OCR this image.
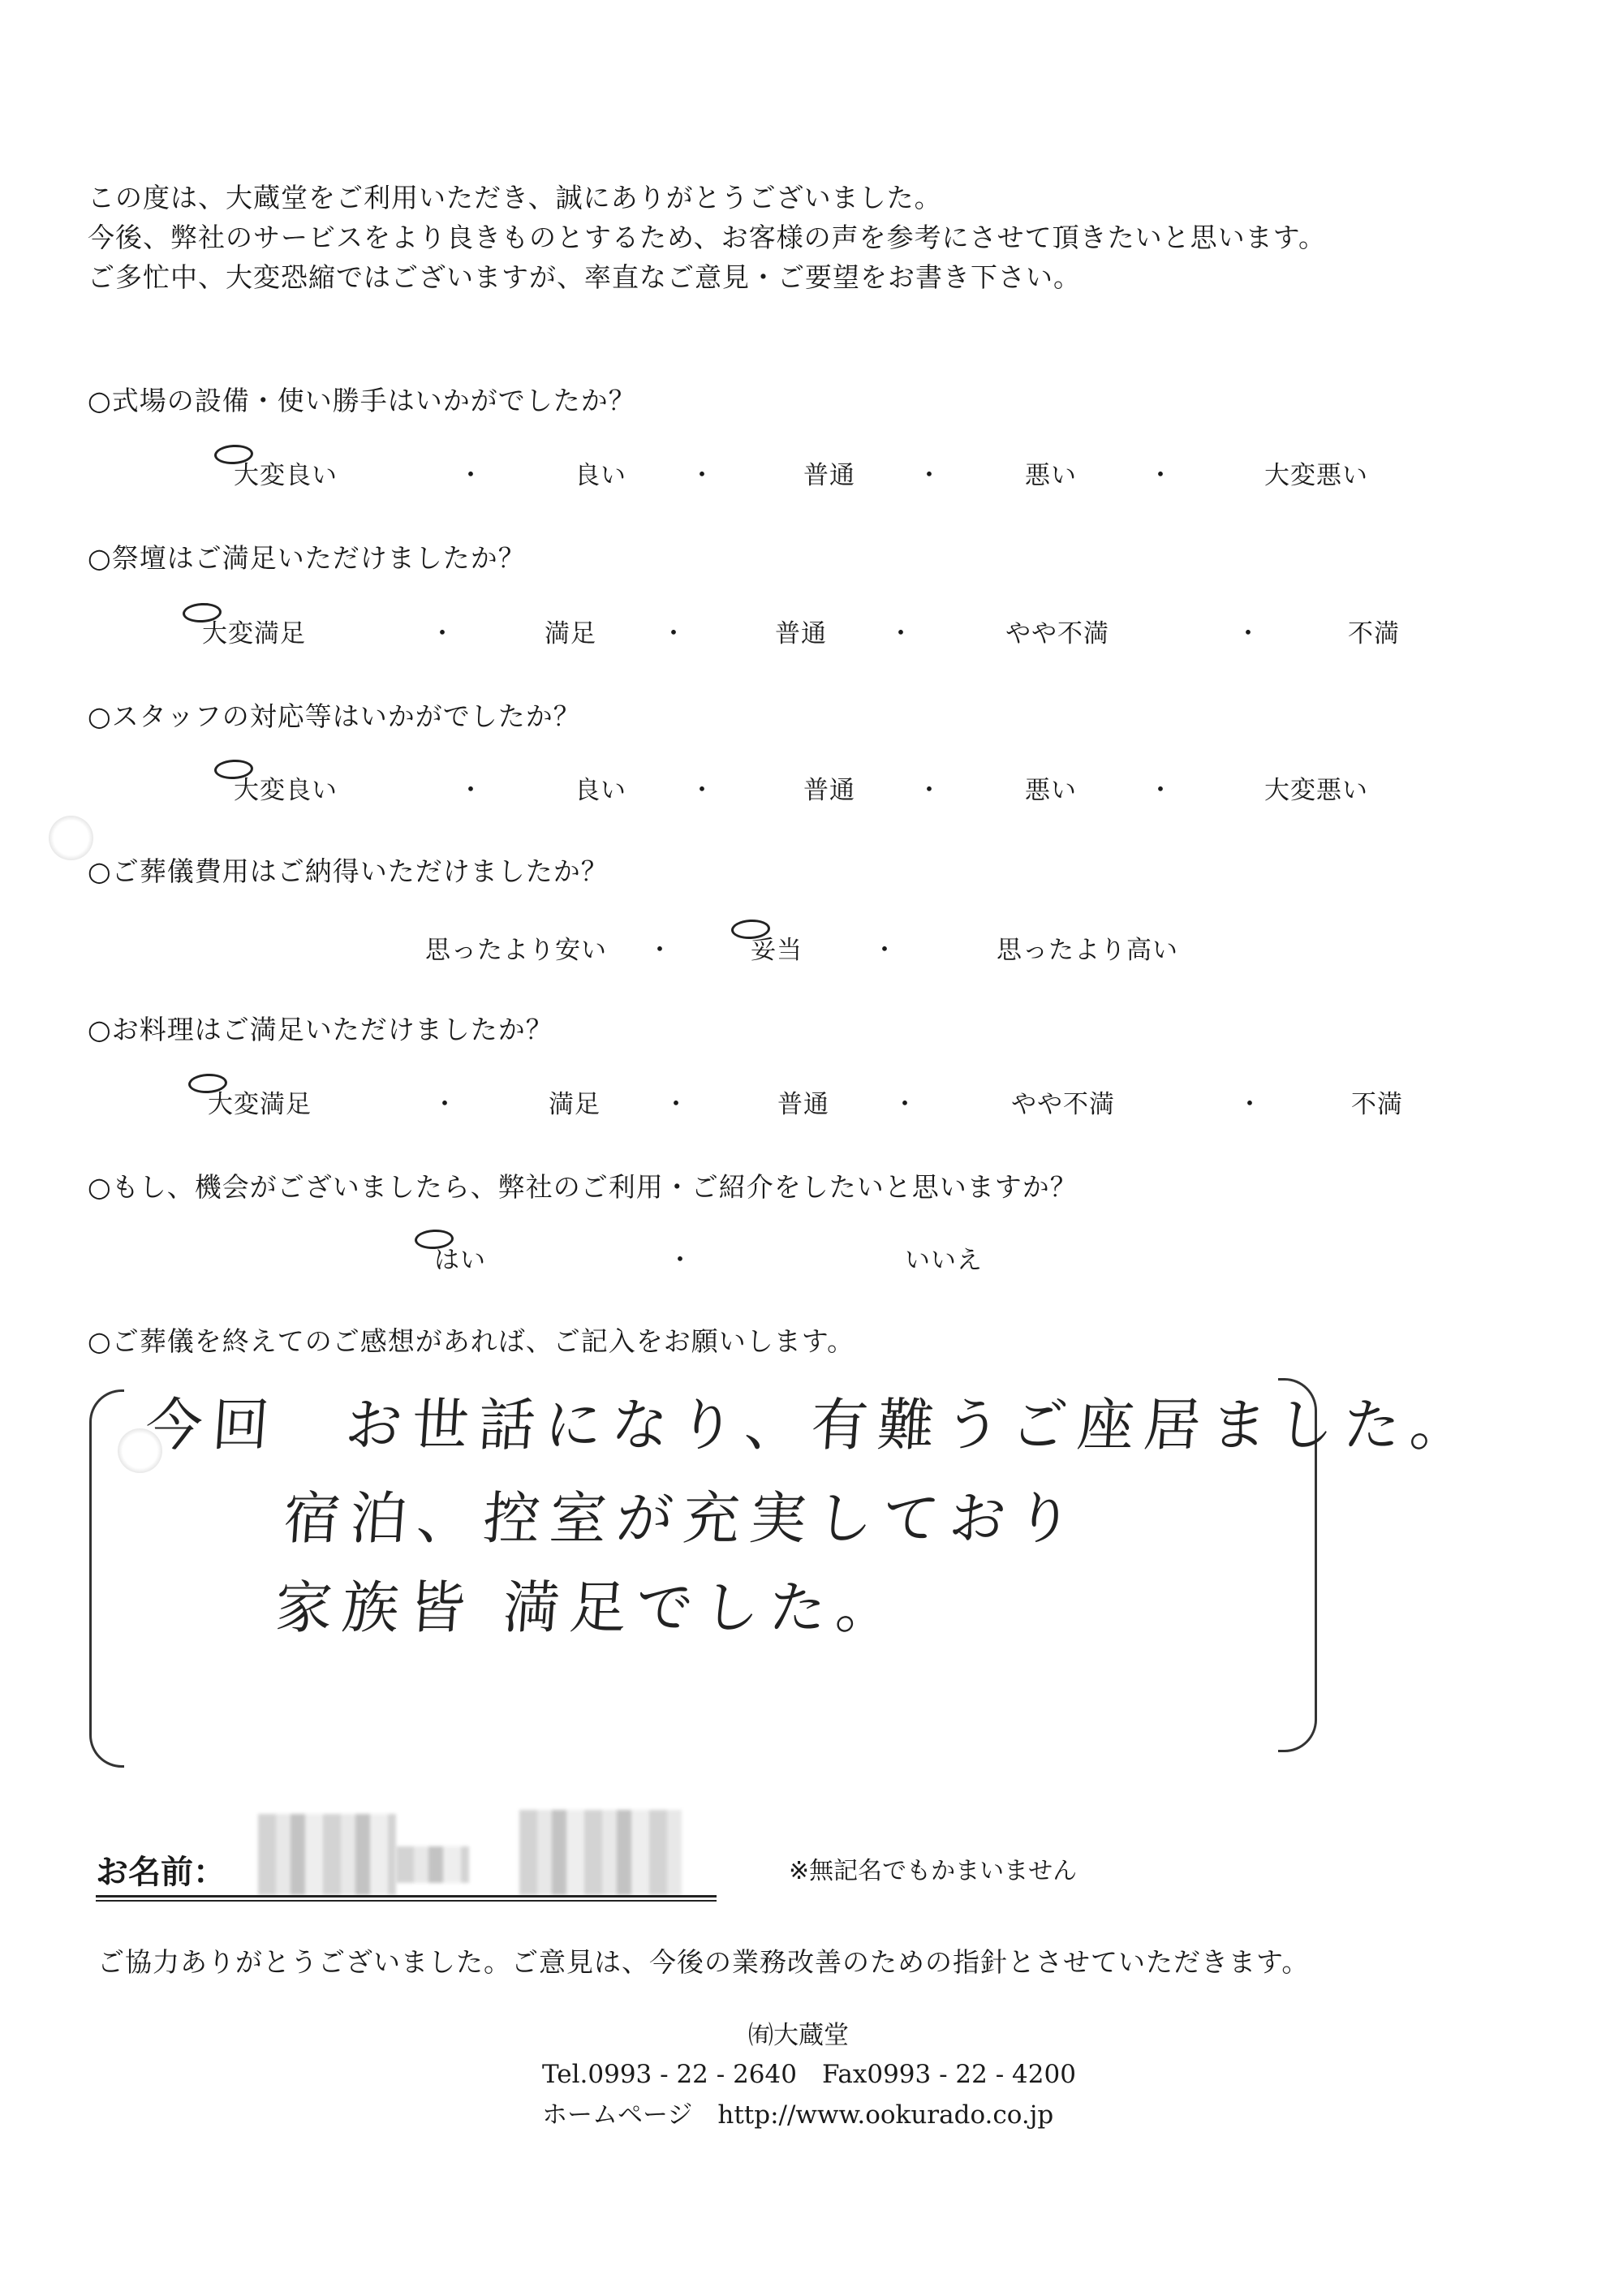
この度は、大蔵堂をご利用いただき、誠にありがとうございました。
今後、弊社のサービスをより良きものとするため、お客様の声を参考にさせて頂きたいと思います。
ご多忙中、大変恐縮ではございますが、率直なご意見・ご要望をお書き下さい。
○式場の設備・使い勝手はいかがでしたか？
大変良い	・	良い	・	普通 ・	悪い	・	大変悪い
○祭壇はご満足いただけましたか？
大変満足	・	満足	・	普通 ・	やや不満	・	不満
○スタッフの対応等はいかがでしたか？
大変良い	・	良い	・	普通 ・	悪い	・	大変悪い
○ご葬儀費用はご納得いただけましたか？
思ったより安い ・	妥当	・	思ったより高い
○お料理はご満足いただけましたか？
大変満足	・	満足	・	普通	・	やや不満	・	不満
○もし、機会がございましたら、弊社のご利用・ご紹介をしたいと思いますか？
はい	・	いいえ
○ご葬儀を終えてのご感想があれば、ご記入をお願いします。
今回　お世話になり、有難うご座居ました。
宿泊、控室が充実しており
家族皆 満足でした。
お名前：	※無記名でもかまいません
ご協力ありがとうございました。ご意見は、今後の業務改善のための指針とさせていただきます。
㈲大蔵堂
Tel.0993 - 22 - 2640　Fax0993 - 22 - 4200
ホームページ　http://www.ookurado.co.jp
